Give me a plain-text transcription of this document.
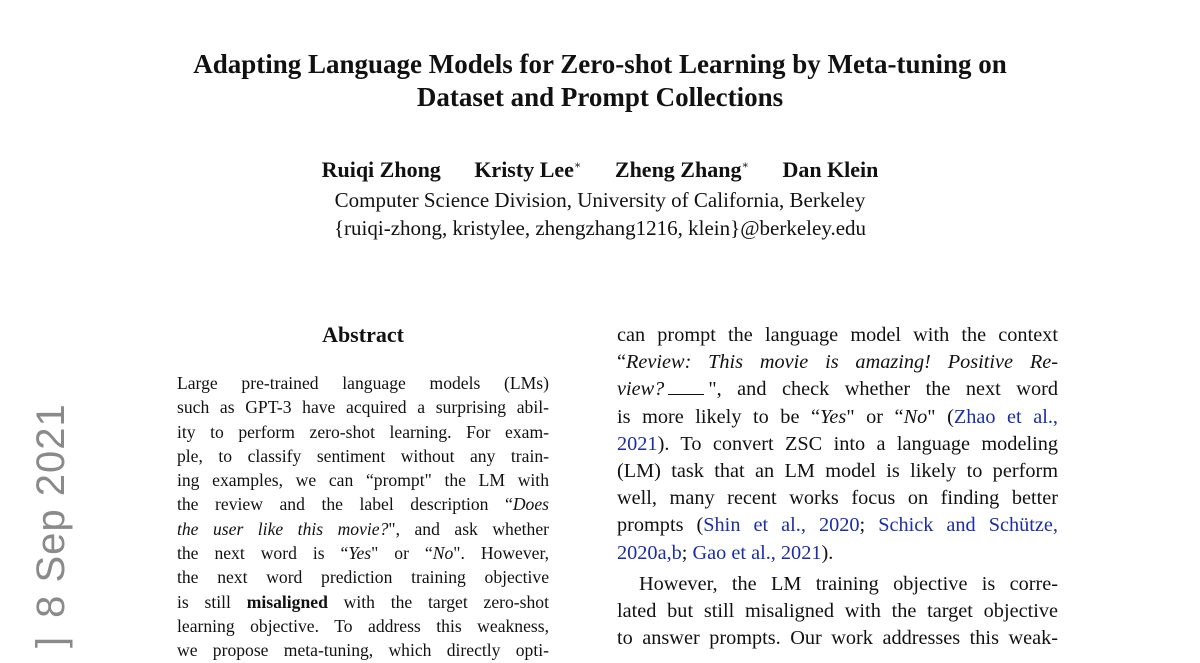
Adapting Language Models for Zero-shot Learning by Meta-tuning on
Dataset and Prompt Collections
Ruiqi Zhong Kristy Lee∗ Zheng Zhang∗ Dan Klein
Computer Science Division, University of California, Berkeley
{ruiqi-zhong, kristylee, zhengzhang1216, klein}@berkeley.edu
Abstract
Large pre-trained language models (LMs)
such as GPT-3 have acquired a surprising abil-
ity to perform zero-shot learning. For exam-
ple, to classify sentiment without any train-
ing examples, we can “prompt" the LM with
the review and the label description “Does
the user like this movie?", and ask whether
the next word is “Yes" or “No". However,
the next word prediction training objective
is still misaligned with the target zero-shot
learning objective. To address this weakness,
we propose meta-tuning, which directly opti-
can prompt the language model with the context
“Review: This movie is amazing! Positive Re-
view? ", and check whether the next word
is more likely to be “Yes" or “No" (Zhao et al.,
2021). To convert ZSC into a language modeling
(LM) task that an LM model is likely to perform
well, many recent works focus on finding better
prompts (Shin et al., 2020; Schick and Schütze,
2020a,b; Gao et al., 2021).
However, the LM training objective is corre-
lated but still misaligned with the target objective
to answer prompts. Our work addresses this weak-
]8 Sep 2021
